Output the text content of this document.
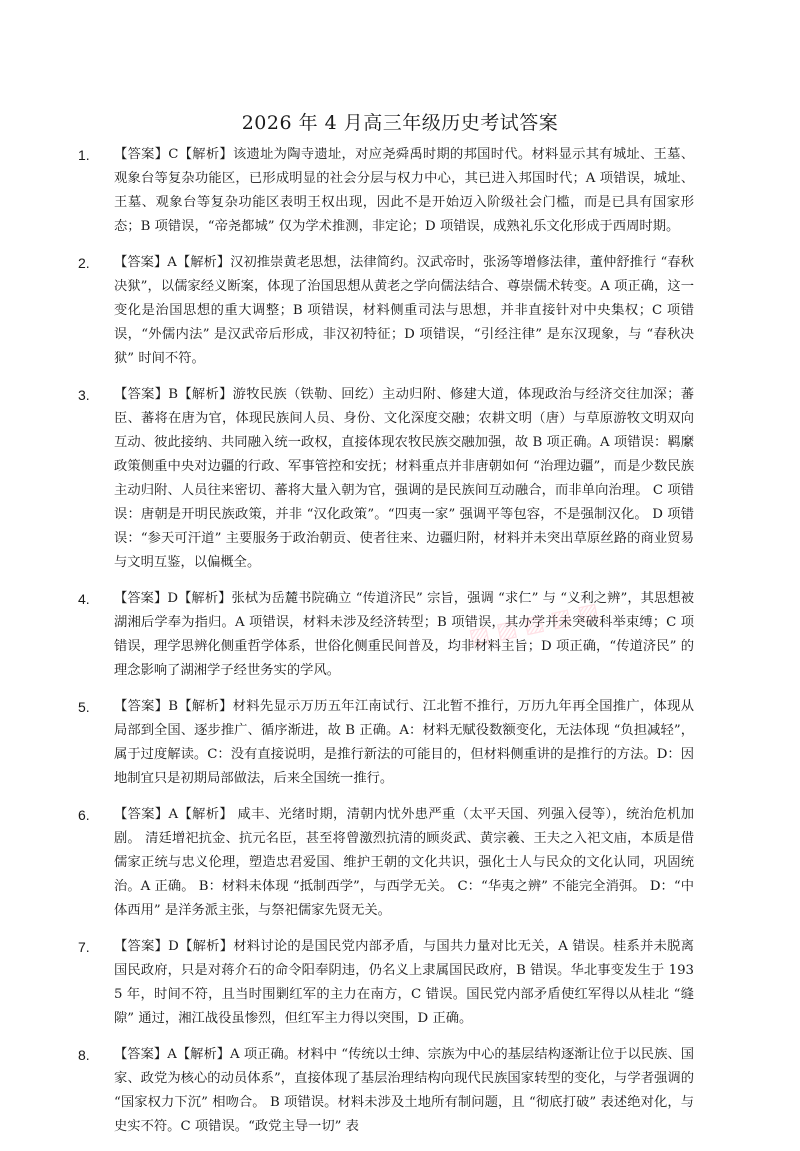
2026 年 4 月高三年级历史考试答案
▨ ▨ ▨ ▨ ▨
1.	【答案】C【解析】该遗址为陶寺遗址，对应尧舜禹时期的邦国时代。材料显示其有城址、王墓、观象台等复杂功能区，已形成明显的社会分层与权力中心，其已进入邦国时代；A 项错误，城址、王墓、观象台等复杂功能区表明王权出现，因此不是开始迈入阶级社会门槛，而是已具有国家形态；B 项错误，“帝尧都城” 仅为学术推测，非定论；D 项错误，成熟礼乐文化形成于西周时期。
2.	【答案】A【解析】汉初推崇黄老思想，法律简约。汉武帝时，张汤等增修法律，董仲舒推行 “春秋决狱”，以儒家经义断案，体现了治国思想从黄老之学向儒法结合、尊崇儒术转变。A 项正确，这一变化是治国思想的重大调整；B 项错误，材料侧重司法与思想，并非直接针对中央集权；C 项错误，“外儒内法” 是汉武帝后形成，非汉初特征；D 项错误，“引经注律” 是东汉现象，与 “春秋决狱” 时间不符。
3.	【答案】B【解析】游牧民族（铁勒、回纥）主动归附、修建大道，体现政治与经济交往加深；蕃臣、蕃将在唐为官，体现民族间人员、身份、文化深度交融；农耕文明（唐）与草原游牧文明双向互动、彼此接纳、共同融入统一政权，直接体现农牧民族交融加强，故 B 项正确。A 项错误：羁縻政策侧重中央对边疆的行政、军事管控和安抚；材料重点并非唐朝如何 “治理边疆”，而是少数民族主动归附、人员往来密切、蕃将大量入朝为官，强调的是民族间互动融合，而非单向治理。 C 项错误：唐朝是开明民族政策，并非 “汉化政策”。“四夷一家” 强调平等包容，不是强制汉化。 D 项错误：“参天可汗道” 主要服务于政治朝贡、使者往来、边疆归附，材料并未突出草原丝路的商业贸易与文明互鉴，以偏概全。
4.	【答案】D【解析】张栻为岳麓书院确立 “传道济民” 宗旨，强调 “求仁” 与 “义利之辨”，其思想被湖湘后学奉为指归。A 项错误，材料未涉及经济转型；B 项错误，其办学并未突破科举束缚；C 项错误，理学思辨化侧重哲学体系，世俗化侧重民间普及，均非材料主旨；D 项正确，“传道济民” 的理念影响了湖湘学子经世务实的学风。
5.	【答案】B【解析】材料先显示万历五年江南试行、江北暂不推行，万历九年再全国推广，体现从局部到全国、逐步推广、循序渐进，故 B 正确。A：材料无赋役数额变化，无法体现 “负担减轻”，属于过度解读。C：没有直接说明，是推行新法的可能目的，但材料侧重讲的是推行的方法。D：因地制宜只是初期局部做法，后来全国统一推行。
6.	【答案】A【解析】 咸丰、光绪时期，清朝内忧外患严重（太平天国、列强入侵等），统治危机加剧。 清廷增祀抗金、抗元名臣，甚至将曾激烈抗清的顾炎武、黄宗羲、王夫之入祀文庙，本质是借儒家正统与忠义伦理，塑造忠君爱国、维护王朝的文化共识，强化士人与民众的文化认同，巩固统治。A 正确。 B：材料未体现 “抵制西学”，与西学无关。 C：“华夷之辨” 不能完全消弭。 D：“中体西用” 是洋务派主张，与祭祀儒家先贤无关。
7.	【答案】D【解析】材料讨论的是国民党内部矛盾，与国共力量对比无关，A 错误。桂系并未脱离国民政府，只是对蒋介石的命令阳奉阴违，仍名义上隶属国民政府，B 错误。华北事变发生于 1935 年，时间不符，且当时围剿红军的主力在南方，C 错误。国民党内部矛盾使红军得以从桂北 “缝隙” 通过，湘江战役虽惨烈，但红军主力得以突围，D 正确。
8.	【答案】A【解析】A 项正确。材料中 “传统以士绅、宗族为中心的基层结构逐渐让位于以民族、国家、政党为核心的动员体系”，直接体现了基层治理结构向现代民族国家转型的变化，与学者强调的 “国家权力下沉” 相吻合。 B 项错误。材料未涉及土地所有制问题，且 “彻底打破” 表述绝对化，与史实不符。C 项错误。“政党主导一切” 表
